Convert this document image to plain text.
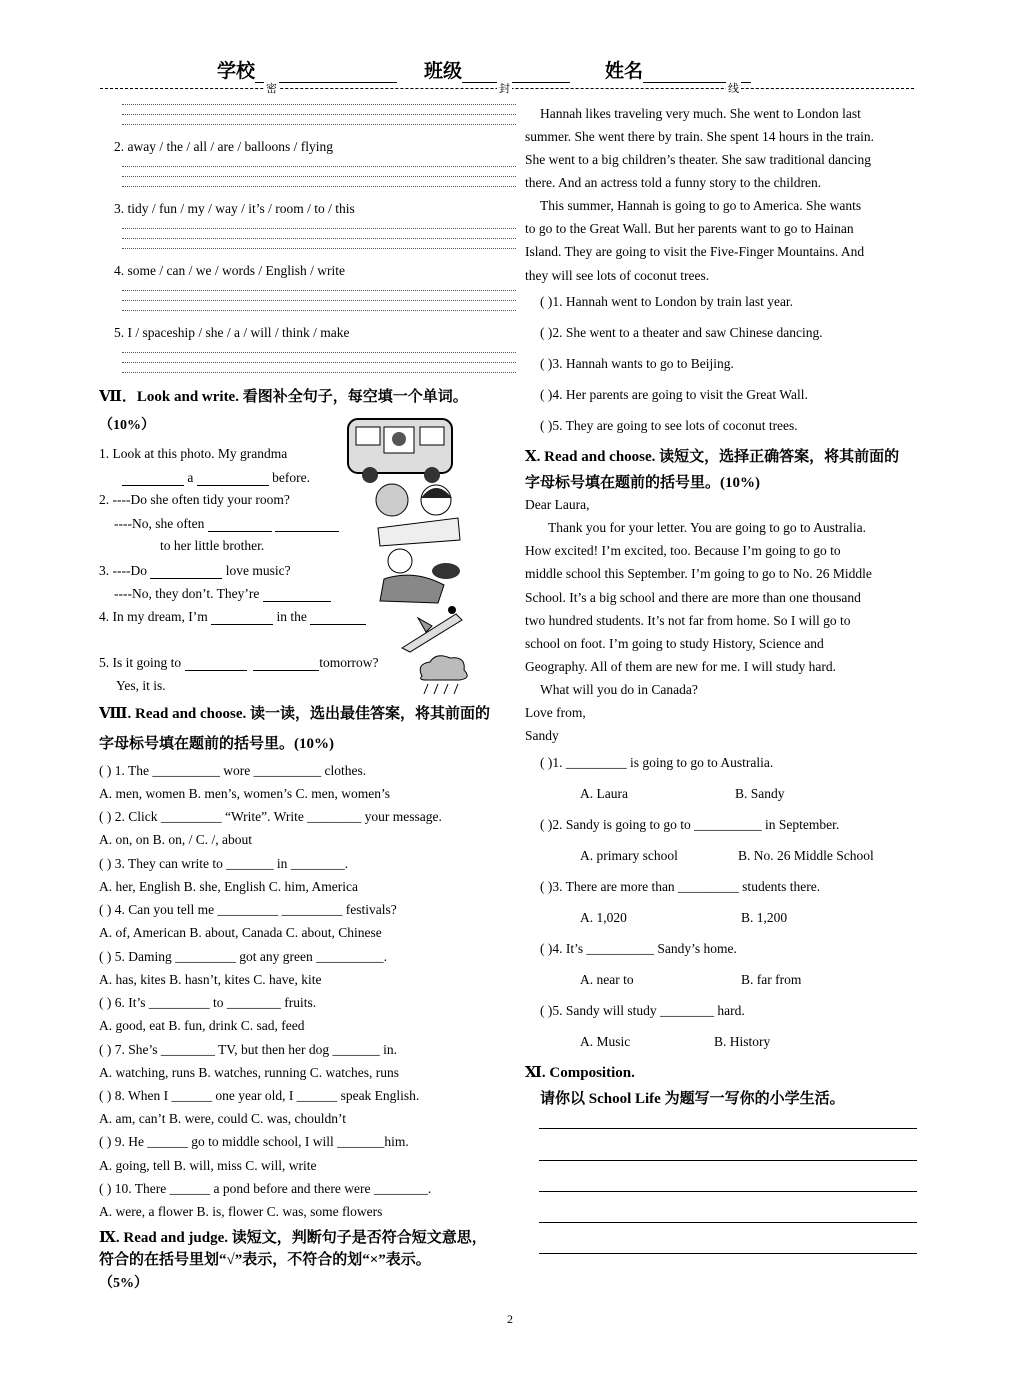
学校	班级	姓名
密	封	线
2. away / the / all / are / balloons / flying
3. tidy / fun / my / way / it’s / room / to / this
4. some / can / we / words / English / write
5. I / spaceship / she / a / will / think / make
Ⅶ．Look and write. 看图补全句子，每空填一个单词。
（10%）
1. Look at this photo. My grandma
a	before.
2. ----Do she often tidy your room?
----No, she often
to her little brother.
3. ----Do	love music?
----No, they don’t. They’re
4. In my dream, I’m	in the
5. Is it going to	tomorrow?
Yes, it is.
Ⅷ. Read and choose. 读一读，选出最佳答案，将其前面的
字母标号填在题前的括号里。(10%)
( ) 1. The __________ wore __________ clothes.
A. men, women B. men’s, women’s C. men, women’s
( ) 2. Click _________ “Write”. Write ________ your message.
A. on, on B. on, / C. /, about
( ) 3. They can write to _______ in ________.
A. her, English B. she, English C. him, America
( ) 4. Can you tell me _________ _________ festivals?
A. of, American B. about, Canada C. about, Chinese
( ) 5. Daming _________ got any green __________.
A. has, kites B. hasn’t, kites C. have, kite
( ) 6. It’s _________ to ________ fruits.
A. good, eat B. fun, drink C. sad, feed
( ) 7. She’s ________ TV, but then her dog _______ in.
A. watching, runs B. watches, running C. watches, runs
( ) 8. When I ______ one year old, I ______ speak English.
A. am, can’t B. were, could C. was, chouldn’t
( ) 9. He ______ go to middle school, I will _______him.
A. going, tell B. will, miss C. will, write
( ) 10. There ______ a pond before and there were ________.
A. were, a flower B. is, flower C. was, some flowers
Ⅸ. Read and judge. 读短文，判断句子是否符合短文意思，
符合的在括号里划“√”表示，不符合的划“×”表示。
（5%）
Hannah likes traveling very much. She went to London last
summer. She went there by train. She spent 14 hours in the train.
She went to a big children’s theater. She saw traditional dancing
there. And an actress told a funny story to the children.
This summer, Hannah is going to go to America. She wants
to go to the Great Wall. But her parents want to go to Hainan
Island. They are going to visit the Five-Finger Mountains. And
they will see lots of coconut trees.
( )1. Hannah went to London by train last year.
( )2. She went to a theater and saw Chinese dancing.
( )3. Hannah wants to go to Beijing.
( )4. Her parents are going to visit the Great Wall.
( )5. They are going to see lots of coconut trees.
Ⅹ. Read and choose. 读短文，选择正确答案，将其前面的
字母标号填在题前的括号里。(10%)
Dear Laura,
Thank you for your letter. You are going to go to Australia.
How excited! I’m excited, too. Because I’m going to go to
middle school this September. I’m going to go to No. 26 Middle
School. It’s a big school and there are more than one thousand
two hundred students. It’s not far from home. So I will go to
school on foot. I’m going to study History, Science and
Geography. All of them are new for me. I will study hard.
What will you do in Canada?
Love from,
Sandy
( )1. _________ is going to go to Australia.
A. Laura	B. Sandy
( )2. Sandy is going to go to __________ in September.
A. primary school	B. No. 26 Middle School
( )3. There are more than _________ students there.
A. 1,020	B. 1,200
( )4. It’s __________ Sandy’s home.
A. near to	B. far from
( )5. Sandy will study ________ hard.
A. Music	B. History
Ⅺ. Composition.
请你以 School Life 为题写一写你的小学生活。
2
